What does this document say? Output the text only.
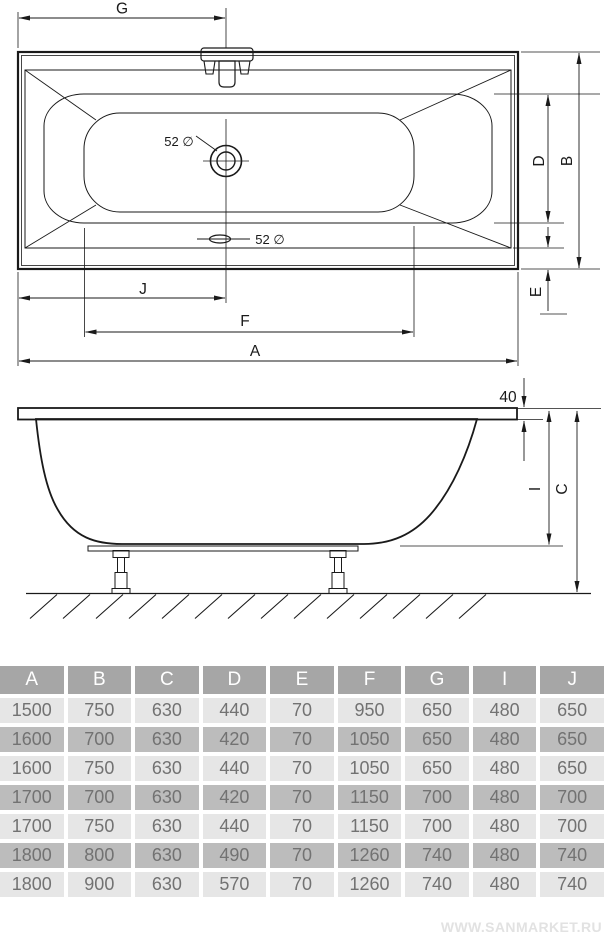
52 ∅
52 ∅
G
B
D
E
J
F
A
40
I C
A	B	C	D	E	F	G	I	J
1500	750	630	440	70	950	650	480	650
1600	700	630	420	70	1050	650	480	650
1600	750	630	440	70	1050	650	480	650
1700	700	630	420	70	1150	700	480	700
1700	750	630	440	70	1150	700	480	700
1800	800	630	490	70	1260	740	480	740
1800	900	630	570	70	1260	740	480	740
WWW.SANMARKET.RU
